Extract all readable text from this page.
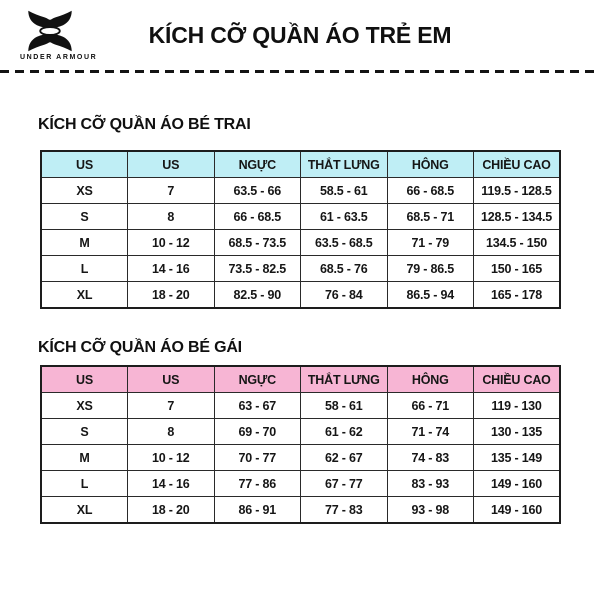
UNDER ARMOUR
KÍCH CỠ QUẦN ÁO TRẺ EM
KÍCH CỠ QUẦN ÁO BÉ TRAI
US	US	NGỰC	THẮT LƯNG	HÔNG	CHIỀU CAO
XS	7	63.5 - 66	58.5 - 61	66 - 68.5	119.5 - 128.5
S	8	66 - 68.5	61 - 63.5	68.5 - 71	128.5 - 134.5
M	10 - 12	68.5 - 73.5	63.5 - 68.5	71 - 79	134.5 - 150
L	14 - 16	73.5 - 82.5	68.5 - 76	79 - 86.5	150 - 165
XL	18 - 20	82.5 - 90	76 - 84	86.5 - 94	165 - 178
KÍCH CỠ QUẦN ÁO BÉ GÁI
US	US	NGỰC	THẮT LƯNG	HÔNG	CHIỀU CAO
XS	7	63 - 67	58 - 61	66 - 71	119 - 130
S	8	69 - 70	61 - 62	71 - 74	130 - 135
M	10 - 12	70 - 77	62 - 67	74 - 83	135 - 149
L	14 - 16	77 - 86	67 - 77	83 - 93	149 - 160
XL	18 - 20	86 - 91	77 - 83	93 - 98	149 - 160
